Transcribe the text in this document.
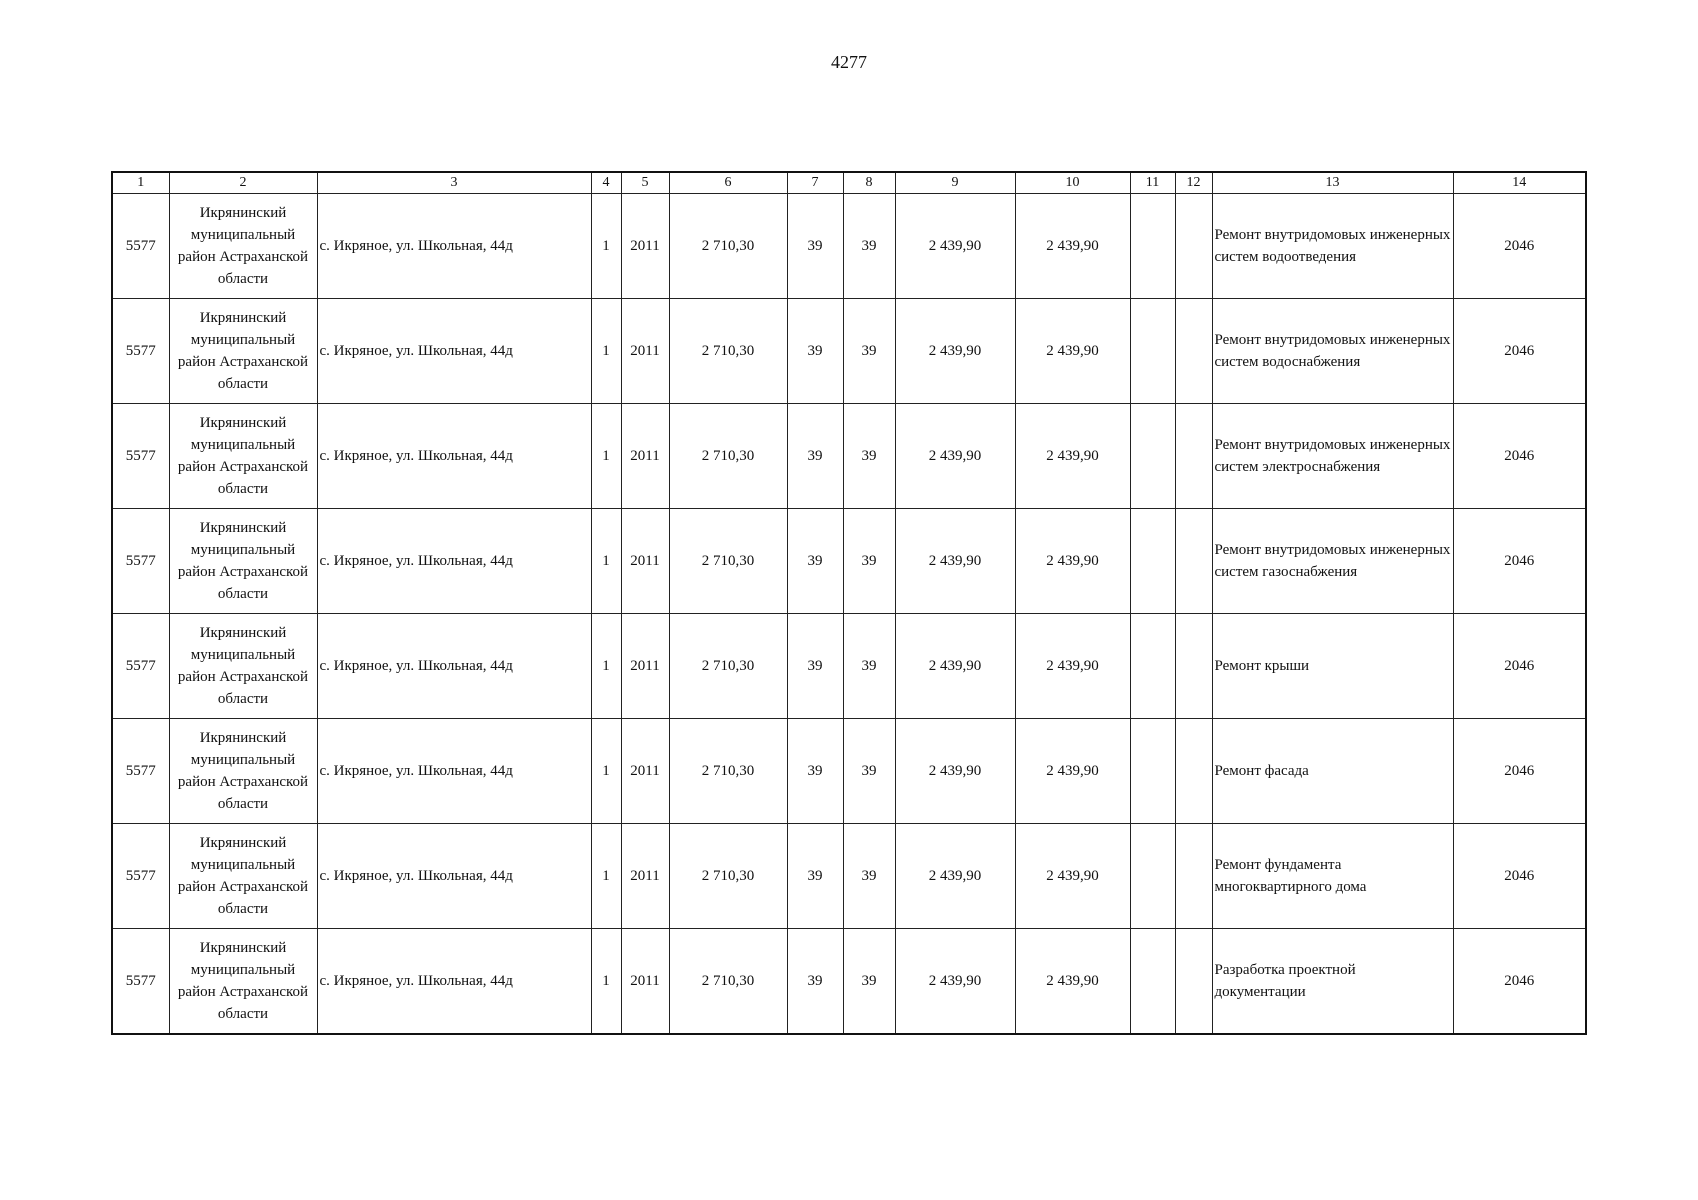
4277
1	2	3	4	5	6	7	8	9	10	11	12	13	14
5577	Икрянинский муниципальный район Астраханской области	с. Икряное, ул. Школьная, 44д	1	2011	2 710,30	39	39	2 439,90	2 439,90			Ремонт внутридомовых инженерных систем водоотведения	2046
5577	Икрянинский муниципальный район Астраханской области	с. Икряное, ул. Школьная, 44д	1	2011	2 710,30	39	39	2 439,90	2 439,90			Ремонт внутридомовых инженерных систем водоснабжения	2046
5577	Икрянинский муниципальный район Астраханской области	с. Икряное, ул. Школьная, 44д	1	2011	2 710,30	39	39	2 439,90	2 439,90			Ремонт внутридомовых инженерных систем электроснабжения	2046
5577	Икрянинский муниципальный район Астраханской области	с. Икряное, ул. Школьная, 44д	1	2011	2 710,30	39	39	2 439,90	2 439,90			Ремонт внутридомовых инженерных систем газоснабжения	2046
5577	Икрянинский муниципальный район Астраханской области	с. Икряное, ул. Школьная, 44д	1	2011	2 710,30	39	39	2 439,90	2 439,90			Ремонт крыши	2046
5577	Икрянинский муниципальный район Астраханской области	с. Икряное, ул. Школьная, 44д	1	2011	2 710,30	39	39	2 439,90	2 439,90			Ремонт фасада	2046
5577	Икрянинский муниципальный район Астраханской области	с. Икряное, ул. Школьная, 44д	1	2011	2 710,30	39	39	2 439,90	2 439,90			Ремонт фундамента многоквартирного дома	2046
5577	Икрянинский муниципальный район Астраханской области	с. Икряное, ул. Школьная, 44д	1	2011	2 710,30	39	39	2 439,90	2 439,90			Разработка проектной документации	2046
